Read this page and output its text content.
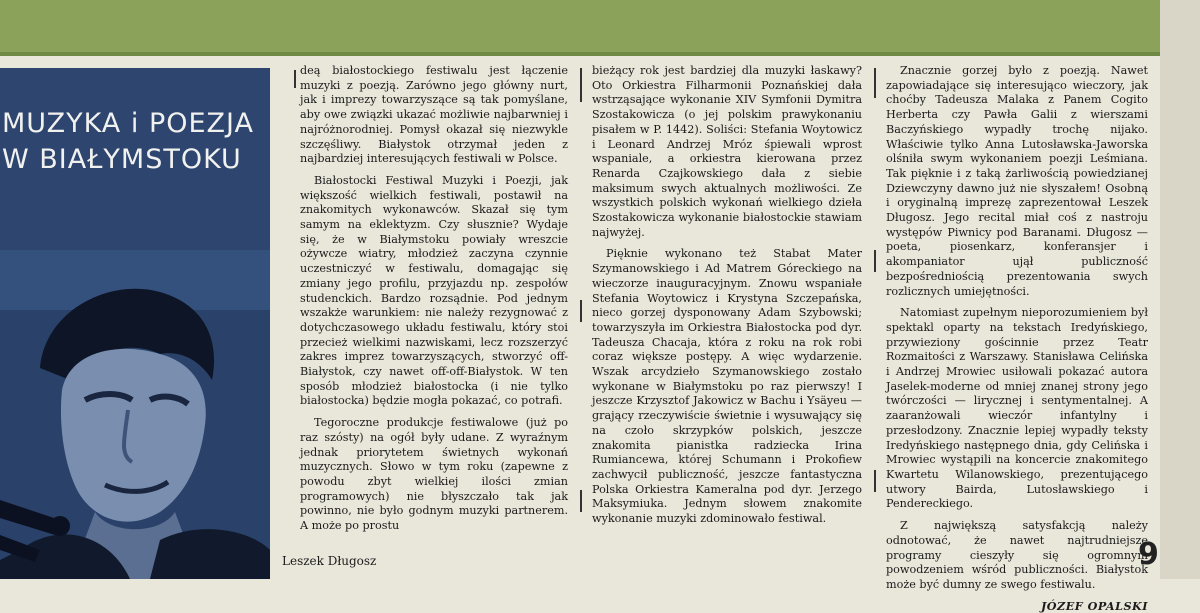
MUZYKA i POEZJA
W BIAŁYMSTOKU
Leszek Długosz	9

deą białostockiego festiwalu jest łączenie muzyki z poezją. Zarówno jego główny nurt, jak i imprezy towarzyszące są tak pomyślane, aby owe związki ukazać możliwie najbarwniej i najróżnorodniej. Pomysł okazał się niezwykle szczęśliwy. Białystok otrzymał jeden z najbardziej interesujących festiwali w Polsce.

Białostocki Festiwal Muzyki i Poezji, jak większość wielkich festiwali, postawił na znakomitych wykonawców. Skazał się tym samym na eklektyzm. Czy słusznie? Wydaje się, że w Białymstoku powiały wreszcie ożywcze wiatry, młodzież zaczyna czynnie uczestniczyć w festiwalu, domagając się zmiany jego profilu, przyjazdu np. zespołów studenckich. Bardzo rozsądnie. Pod jednym wszakże warunkiem: nie należy rezygnować z dotychczasowego układu festiwalu, który stoi przecież wielkimi nazwiskami, lecz rozszerzyć zakres imprez towarzyszących, stworzyć off-Białystok, czy nawet off-off-Białystok. W ten sposób młodzież białostocka (i nie tylko białostocka) będzie mogła pokazać, co potrafi.

Tegoroczne produkcje festiwalowe (już po raz szósty) na ogół były udane. Z wyraźnym jednak priorytetem świetnych wykonań muzycznych. Słowo w tym roku (zapewne z powodu zbyt wielkiej ilości zmian programowych) nie błyszczało tak jak powinno, nie było godnym muzyki partnerem. A może po prostu

bieżący rok jest bardziej dla muzyki łaskawy? Oto Orkiestra Filharmonii Poznańskiej dała wstrząsające wykonanie XIV Symfonii Dymitra Szostakowicza (o jej polskim prawykonaniu pisałem w P. 1442). Soliści: Stefania Woytowicz i Leonard Andrzej Mróz śpiewali wprost wspaniale, a orkiestra kierowana przez Renarda Czajkowskiego dała z siebie maksimum swych aktualnych możliwości. Ze wszystkich polskich wykonań wielkiego dzieła Szostakowicza wykonanie białostockie stawiam najwyżej.

Pięknie wykonano też Stabat Mater Szymanowskiego i Ad Matrem Góreckiego na wieczorze inauguracyjnym. Znowu wspaniałe Stefania Woytowicz i Krystyna Szczepańska, nieco gorzej dysponowany Adam Szybowski; towarzyszyła im Orkiestra Białostocka pod dyr. Tadeusza Chacaja, która z roku na rok robi coraz większe postępy. A więc wydarzenie. Wszak arcydzieło Szymanowskiego zostało wykonane w Białymstoku po raz pierwszy! I jeszcze Krzysztof Jakowicz w Bachu i Ysäyeu — grający rzeczywiście świetnie i wysuwający się na czoło skrzypków polskich, jeszcze znakomita pianistka radziecka Irina Rumiancewa, której Schumann i Prokofiew zachwycił publiczność, jeszcze fantastyczna Polska Orkiestra Kameralna pod dyr. Jerzego Maksymiuka. Jednym słowem znakomite wykonanie muzyki zdominowało festiwal.

Znacznie gorzej było z poezją. Nawet zapowiadające się interesująco wieczory, jak choćby Tadeusza Malaka z Panem Cogito Herberta czy Pawła Galii z wierszami Baczyńskiego wypadły trochę nijako. Właściwie tylko Anna Lutosławska-Jaworska olśniła swym wykonaniem poezji Leśmiana. Tak pięknie i z taką żarliwością powiedzianej Dziewczyny dawno już nie słyszałem! Osobną i oryginalną imprezę zaprezentował Leszek Długosz. Jego recital miał coś z nastroju występów Piwnicy pod Baranami. Długosz — poeta, piosenkarz, konferansjer i akompaniator ujął publiczność bezpośredniością prezentowania swych rozlicznych umiejętności.

Natomiast zupełnym nieporozumieniem był spektakl oparty na tekstach Iredyńskiego, przywieziony gościnnie przez Teatr Rozmaitości z Warszawy. Stanisława Celińska i Andrzej Mrowiec usiłowali pokazać autora Jaselek-moderne od mniej znanej strony jego twórczości — lirycznej i sentymentalnej. A zaaranżowali wieczór infantylny i przesłodzony. Znacznie lepiej wypadły teksty Iredyńskiego następnego dnia, gdy Celińska i Mrowiec wystąpili na koncercie znakomitego Kwartetu Wilanowskiego, prezentującego utwory Bairda, Lutosławskiego i Pendereckiego.

Z największą satysfakcją należy odnotować, że nawet najtrudniejsze programy cieszyły się ogromnym powodzeniem wśród publiczności. Białystok może być dumny ze swego festiwalu.

JÓZEF OPALSKI
